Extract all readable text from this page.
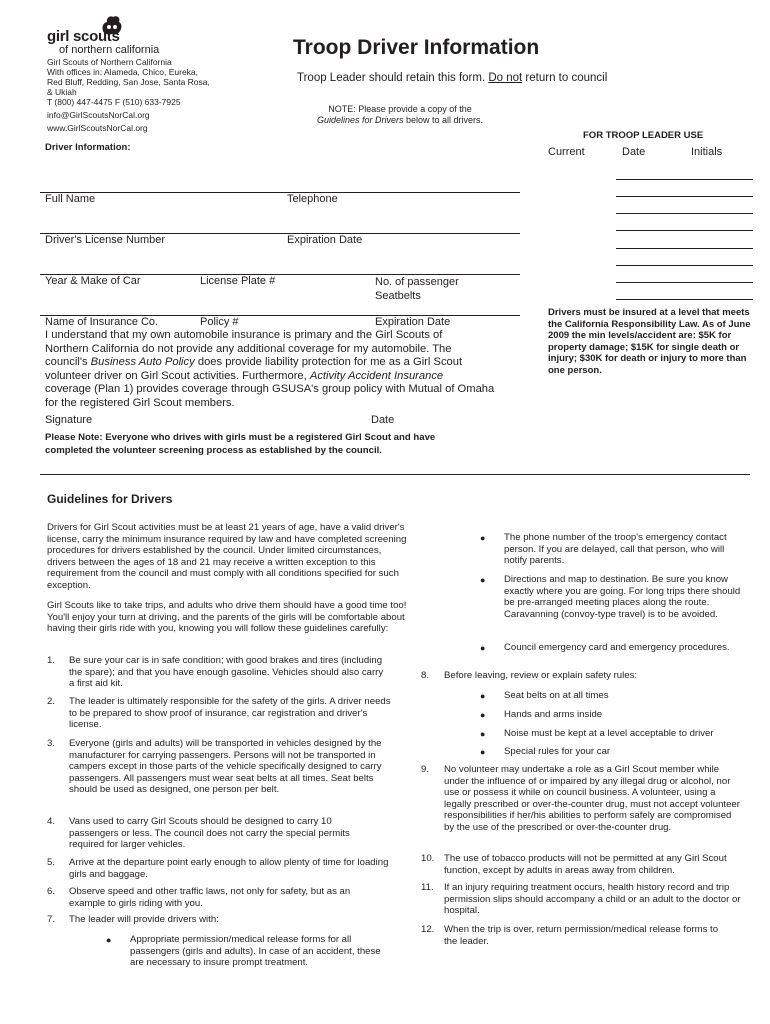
girl scouts
of northern california
Girl Scouts of Northern California
With offices in: Alameda, Chico, Eureka,
Red Bluff, Redding, San Jose, Santa Rosa,
& Ukiah
T (800) 447-4475 F (510) 633-7925
info@GirlScoutsNorCal.org
www.GirlScoutsNorCal.org
Troop Driver Information
Troop Leader should retain this form. Do not return to council
NOTE: Please provide a copy of the
Guidelines for Drivers below to all drivers.
Driver Information:
FOR TROOP LEADER USE
Current	Date	Initials
Drivers must be insured at a level that meets the California Responsibility Law. As of June 2009 the min levels/accident are: $5K for property damage; $15K for single death or injury; $30K for death or injury to more than one person.
Full Name	Telephone
Driver's License Number	Expiration Date
Year & Make of Car	License Plate #	No. of passenger
Seatbelts
Name of Insurance Co.	Policy #	Expiration Date
I understand that my own automobile insurance is primary and the Girl Scouts of
Northern California do not provide any additional coverage for my automobile. The
council's Business Auto Policy does provide liability protection for me as a Girl Scout
volunteer driver on Girl Scout activities. Furthermore, Activity Accident Insurance
coverage (Plan 1) provides coverage through GSUSA's group policy with Mutual of Omaha
for the registered Girl Scout members.
Signature	Date
Please Note: Everyone who drives with girls must be a registered Girl Scout and have completed the volunteer screening process as established by the council.
Guidelines for Drivers
Drivers for Girl Scout activities must be at least 21 years of age, have a valid driver's license, carry the minimum insurance required by law and have completed screening procedures for drivers established by the council. Under limited circumstances, drivers between the ages of 18 and 21 may receive a written exception to this requirement from the council and must comply with all conditions specified for such exception.
Girl Scouts like to take trips, and adults who drive them should have a good time too! You'll enjoy your turn at driving, and the parents of the girls will be comfortable about having their girls ride with you, knowing you will follow these guidelines carefully:
1. Be sure your car is in safe condition; with good brakes and tires (including the spare); and that you have enough gasoline. Vehicles should also carry a first aid kit.
2. The leader is ultimately responsible for the safety of the girls. A driver needs to be prepared to show proof of insurance, car registration and driver's license.
3. Everyone (girls and adults) will be transported in vehicles designed by the manufacturer for carrying passengers. Persons will not be transported in campers except in those parts of the vehicle specifically designed to carry passengers. All passengers must wear seat belts at all times. Seat belts should be used as designed, one person per belt.
4. Vans used to carry Girl Scouts should be designed to carry 10 passengers or less. The council does not carry the special permits required for larger vehicles.
5. Arrive at the departure point early enough to allow plenty of time for loading girls and baggage.
6. Observe speed and other traffic laws, not only for safety, but as an example to girls riding with you.
7. The leader will provide drivers with:
● Appropriate permission/medical release forms for all passengers (girls and adults). In case of an accident, these are necessary to insure prompt treatment.
● The phone number of the troop's emergency contact person. If you are delayed, call that person, who will notify parents.
● Directions and map to destination. Be sure you know exactly where you are going. For long trips there should be pre-arranged meeting places along the route. Caravanning (convoy-type travel) is to be avoided.
● Council emergency card and emergency procedures.
8. Before leaving, review or explain safety rules:
● Seat belts on at all times
● Hands and arms inside
● Noise must be kept at a level acceptable to driver
● Special rules for your car
9. No volunteer may undertake a role as a Girl Scout member while under the influence of or impaired by any illegal drug or alcohol, nor use or possess it while on council business. A volunteer, using a legally prescribed or over-the-counter drug, must not accept volunteer responsibilities if her/his abilities to perform safely are compromised by the use of the prescribed or over-the-counter drug.
10. The use of tobacco products will not be permitted at any Girl Scout function, except by adults in areas away from children.
11. If an injury requiring treatment occurs, health history record and trip permission slips should accompany a child or an adult to the doctor or hospital.
12. When the trip is over, return permission/medical release forms to the leader.
